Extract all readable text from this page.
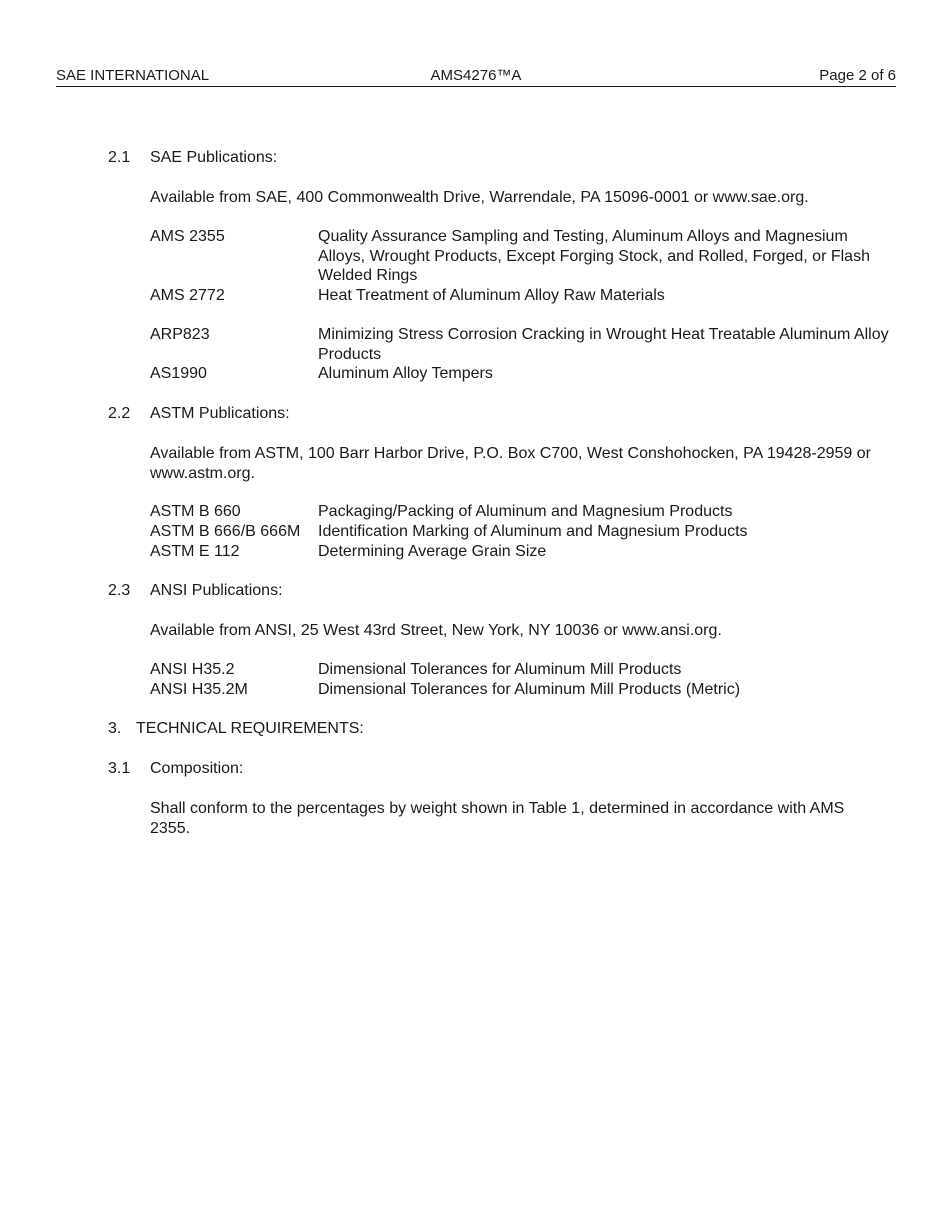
SAE INTERNATIONAL	AMS4276™A	Page 2 of 6
2.1 SAE Publications:
Available from SAE, 400 Commonwealth Drive, Warrendale, PA 15096-0001 or www.sae.org.
AMS 2355	Quality Assurance Sampling and Testing, Aluminum Alloys and Magnesium Alloys, Wrought Products, Except Forging Stock, and Rolled, Forged, or Flash Welded Rings
AMS 2772	Heat Treatment of Aluminum Alloy Raw Materials
ARP823	Minimizing Stress Corrosion Cracking in Wrought Heat Treatable Aluminum Alloy Products
AS1990	Aluminum Alloy Tempers
2.2 ASTM Publications:
Available from ASTM, 100 Barr Harbor Drive, P.O. Box C700, West Conshohocken, PA 19428-2959 or www.astm.org.
ASTM B 660	Packaging/Packing of Aluminum and Magnesium Products
ASTM B 666/B 666M	Identification Marking of Aluminum and Magnesium Products
ASTM E 112	Determining Average Grain Size
2.3 ANSI Publications:
Available from ANSI, 25 West 43rd Street, New York, NY 10036 or www.ansi.org.
ANSI H35.2	Dimensional Tolerances for Aluminum Mill Products
ANSI H35.2M	Dimensional Tolerances for Aluminum Mill Products (Metric)
3. TECHNICAL REQUIREMENTS:
3.1 Composition:
Shall conform to the percentages by weight shown in Table 1, determined in accordance with AMS 2355.
